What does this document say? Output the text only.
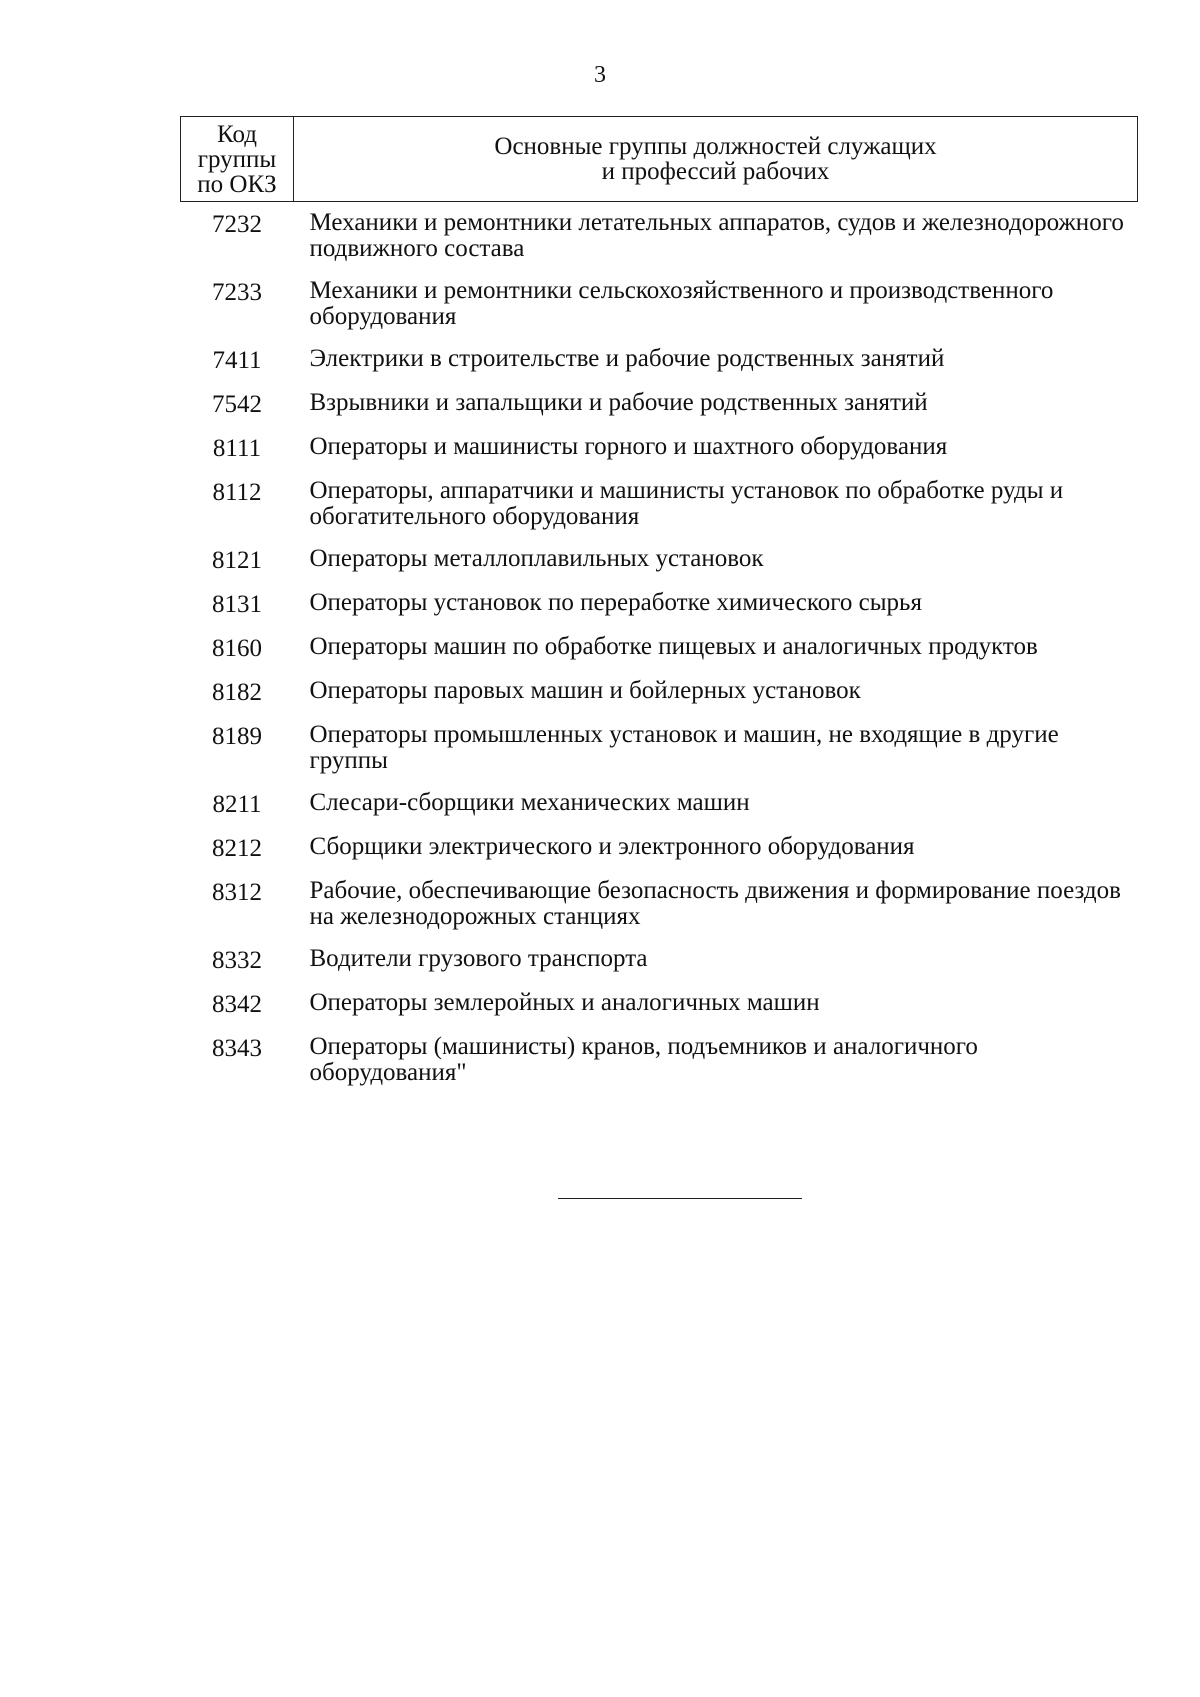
3
Код
группы
по ОКЗ	Основные группы должностей служащих
и профессий рабочих

7232	Механики и ремонтники летательных аппаратов, судов и железнодорожного подвижного состава
7233	Механики и ремонтники сельскохозяйственного и производственного оборудования
7411	Электрики в строительстве и рабочие родственных занятий
7542	Взрывники и запальщики и рабочие родственных занятий
8111	Операторы и машинисты горного и шахтного оборудования
8112	Операторы, аппаратчики и машинисты установок по обработке руды и обогатительного оборудования
8121	Операторы металлоплавильных установок
8131	Операторы установок по переработке химического сырья
8160	Операторы машин по обработке пищевых и аналогичных продуктов
8182	Операторы паровых машин и бойлерных установок
8189	Операторы промышленных установок и машин, не входящие в другие группы
8211	Слесари-сборщики механических машин
8212	Сборщики электрического и электронного оборудования
8312	Рабочие, обеспечивающие безопасность движения и формирование поездов на железнодорожных станциях
8332	Водители грузового транспорта
8342	Операторы землеройных и аналогичных машин
8343	Операторы (машинисты) кранов, подъемников и аналогичного оборудования"
